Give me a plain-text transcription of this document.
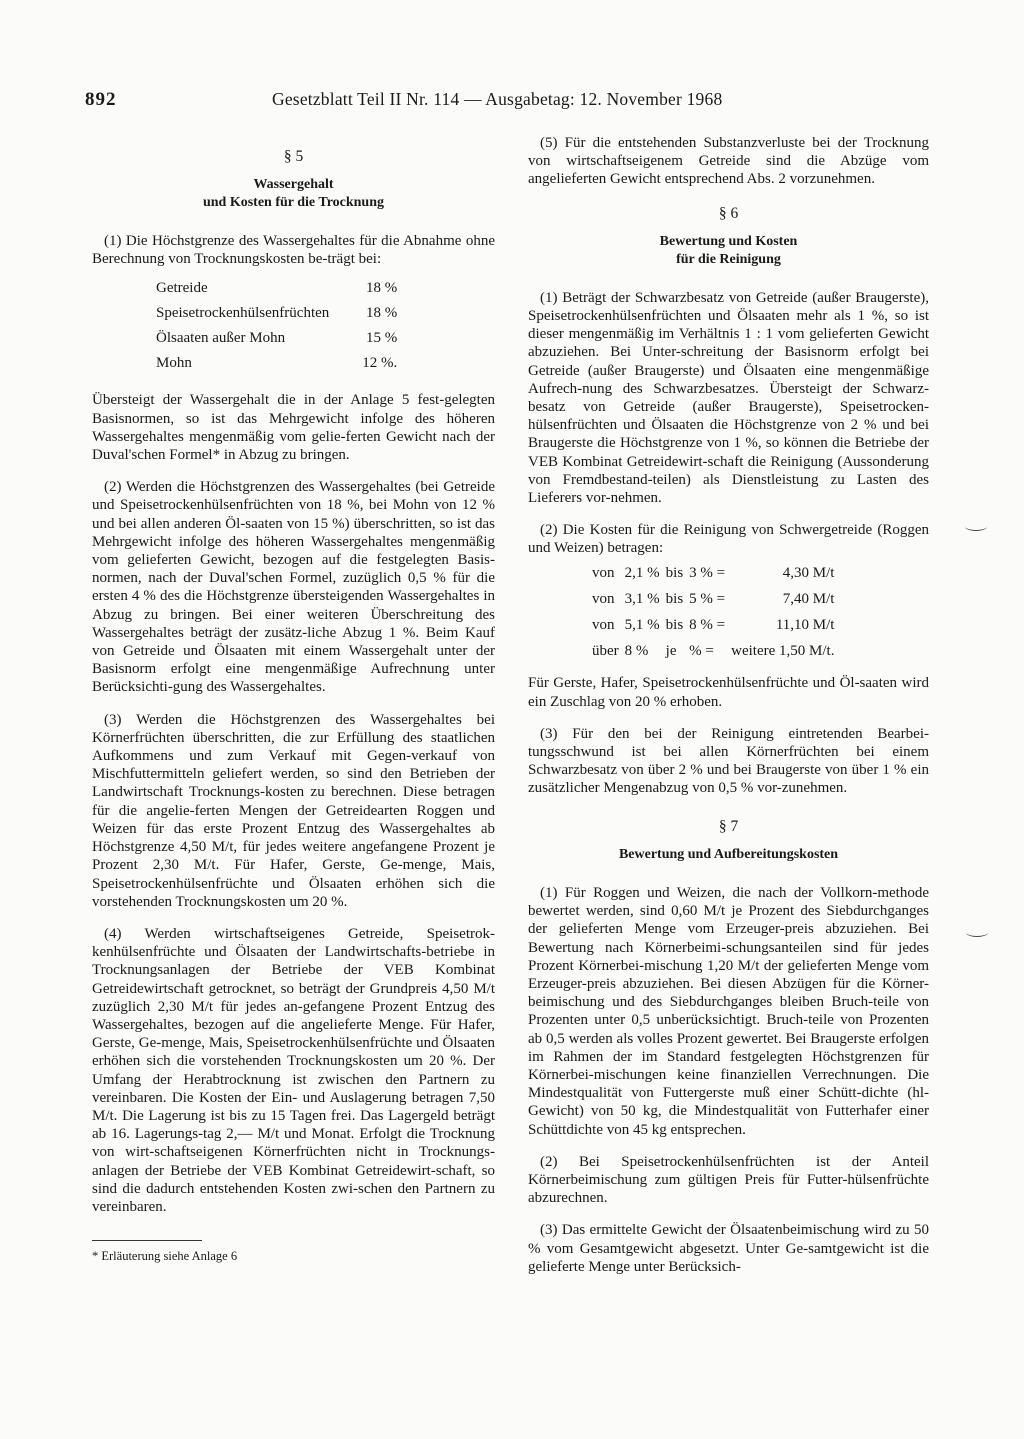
892	Gesetzblatt Teil II Nr. 114 — Ausgabetag: 12. November 1968

§ 5

Wassergehalt

und Kosten für die Trocknung

(1) Die Höchstgrenze des Wassergehaltes für die Abnahme ohne Berechnung von Trocknungskosten be-trägt bei:

Getreide	18 %
Speisetrockenhülsenfrüchten	18 %
Ölsaaten außer Mohn	15 %
Mohn	12 %.

Übersteigt der Wassergehalt die in der Anlage 5 fest-gelegten Basisnormen, so ist das Mehrgewicht infolge des höheren Wassergehaltes mengenmäßig vom gelie-ferten Gewicht nach der Duval'schen Formel* in Abzug zu bringen.

(2) Werden die Höchstgrenzen des Wassergehaltes (bei Getreide und Speisetrockenhülsenfrüchten von 18 %, bei Mohn von 12 % und bei allen anderen Öl-saaten von 15 %) überschritten, so ist das Mehrgewicht infolge des höheren Wassergehaltes mengenmäßig vom gelieferten Gewicht, bezogen auf die festgelegten Basis-normen, nach der Duval'schen Formel, zuzüglich 0,5 % für die ersten 4 % des die Höchstgrenze übersteigenden Wassergehaltes in Abzug zu bringen. Bei einer weiteren Überschreitung des Wassergehaltes beträgt der zusätz-liche Abzug 1 %. Beim Kauf von Getreide und Ölsaaten mit einem Wassergehalt unter der Basisnorm erfolgt eine mengenmäßige Aufrechnung unter Berücksichti-gung des Wassergehaltes.

(3) Werden die Höchstgrenzen des Wassergehaltes bei Körnerfrüchten überschritten, die zur Erfüllung des staatlichen Aufkommens und zum Verkauf mit Gegen-verkauf von Mischfuttermitteln geliefert werden, so sind den Betrieben der Landwirtschaft Trocknungs-kosten zu berechnen. Diese betragen für die angelie-ferten Mengen der Getreidearten Roggen und Weizen für das erste Prozent Entzug des Wassergehaltes ab Höchstgrenze 4,50 M/t, für jedes weitere angefangene Prozent je Prozent 2,30 M/t. Für Hafer, Gerste, Ge-menge, Mais, Speisetrockenhülsenfrüchte und Ölsaaten erhöhen sich die vorstehenden Trocknungskosten um 20 %.

(4) Werden wirtschaftseigenes Getreide, Speisetrok-kenhülsenfrüchte und Ölsaaten der Landwirtschafts-betriebe in Trocknungsanlagen der Betriebe der VEB Kombinat Getreidewirtschaft getrocknet, so beträgt der Grundpreis 4,50 M/t zuzüglich 2,30 M/t für jedes an-gefangene Prozent Entzug des Wassergehaltes, bezogen auf die angelieferte Menge. Für Hafer, Gerste, Ge-menge, Mais, Speisetrockenhülsenfrüchte und Ölsaaten erhöhen sich die vorstehenden Trocknungskosten um 20 %. Der Umfang der Herabtrocknung ist zwischen den Partnern zu vereinbaren. Die Kosten der Ein- und Auslagerung betragen 7,50 M/t. Die Lagerung ist bis zu 15 Tagen frei. Das Lagergeld beträgt ab 16. Lagerungs-tag 2,— M/t und Monat. Erfolgt die Trocknung von wirt-schaftseigenen Körnerfrüchten nicht in Trocknungs-anlagen der Betriebe der VEB Kombinat Getreidewirt-schaft, so sind die dadurch entstehenden Kosten zwi-schen den Partnern zu vereinbaren.

* Erläuterung siehe Anlage 6

(5) Für die entstehenden Substanzverluste bei der Trocknung von wirtschaftseigenem Getreide sind die Abzüge vom angelieferten Gewicht entsprechend Abs. 2 vorzunehmen.

§ 6

Bewertung und Kosten

für die Reinigung

(1) Beträgt der Schwarzbesatz von Getreide (außer Braugerste), Speisetrockenhülsenfrüchten und Ölsaaten mehr als 1 %, so ist dieser mengenmäßig im Verhältnis 1 : 1 vom gelieferten Gewicht abzuziehen. Bei Unter-schreitung der Basisnorm erfolgt bei Getreide (außer Braugerste) und Ölsaaten eine mengenmäßige Aufrech-nung des Schwarzbesatzes. Übersteigt der Schwarz-besatz von Getreide (außer Braugerste), Speisetrocken-hülsenfrüchten und Ölsaaten die Höchstgrenze von 2 % und bei Braugerste die Höchstgrenze von 1 %, so können die Betriebe der VEB Kombinat Getreidewirt-schaft die Reinigung (Aussonderung von Fremdbestand-teilen) als Dienstleistung zu Lasten des Lieferers vor-nehmen.

(2) Die Kosten für die Reinigung von Schwergetreide (Roggen und Weizen) betragen:

von	2,1 %	bis	3 % =	4,30 M/t
von	3,1 %	bis	5 % =	7,40 M/t
von	5,1 %	bis	8 % =	11,10 M/t
über	8 %	je	% =	weitere 1,50 M/t.

Für Gerste, Hafer, Speisetrockenhülsenfrüchte und Öl-saaten wird ein Zuschlag von 20 % erhoben.

(3) Für den bei der Reinigung eintretenden Bearbei-tungsschwund ist bei allen Körnerfrüchten bei einem Schwarzbesatz von über 2 % und bei Braugerste von über 1 % ein zusätzlicher Mengenabzug von 0,5 % vor-zunehmen.

§ 7

Bewertung und Aufbereitungskosten

(1) Für Roggen und Weizen, die nach der Vollkorn-methode bewertet werden, sind 0,60 M/t je Prozent des Siebdurchganges der gelieferten Menge vom Erzeuger-preis abzuziehen. Bei Bewertung nach Körnerbeimi-schungsanteilen sind für jedes Prozent Körnerbei-mischung 1,20 M/t der gelieferten Menge vom Erzeuger-preis abzuziehen. Bei diesen Abzügen für die Körner-beimischung und des Siebdurchganges bleiben Bruch-teile von Prozenten unter 0,5 unberücksichtigt. Bruch-teile von Prozenten ab 0,5 werden als volles Prozent gewertet. Bei Braugerste erfolgen im Rahmen der im Standard festgelegten Höchstgrenzen für Körnerbei-mischungen keine finanziellen Verrechnungen. Die Mindestqualität von Futtergerste muß einer Schütt-dichte (hl-Gewicht) von 50 kg, die Mindestqualität von Futterhafer einer Schüttdichte von 45 kg entsprechen.

(2) Bei Speisetrockenhülsenfrüchten ist der Anteil Körnerbeimischung zum gültigen Preis für Futter-hülsenfrüchte abzurechnen.

(3) Das ermittelte Gewicht der Ölsaatenbeimischung wird zu 50 % vom Gesamtgewicht abgesetzt. Unter Ge-samtgewicht ist die gelieferte Menge unter Berücksich-
